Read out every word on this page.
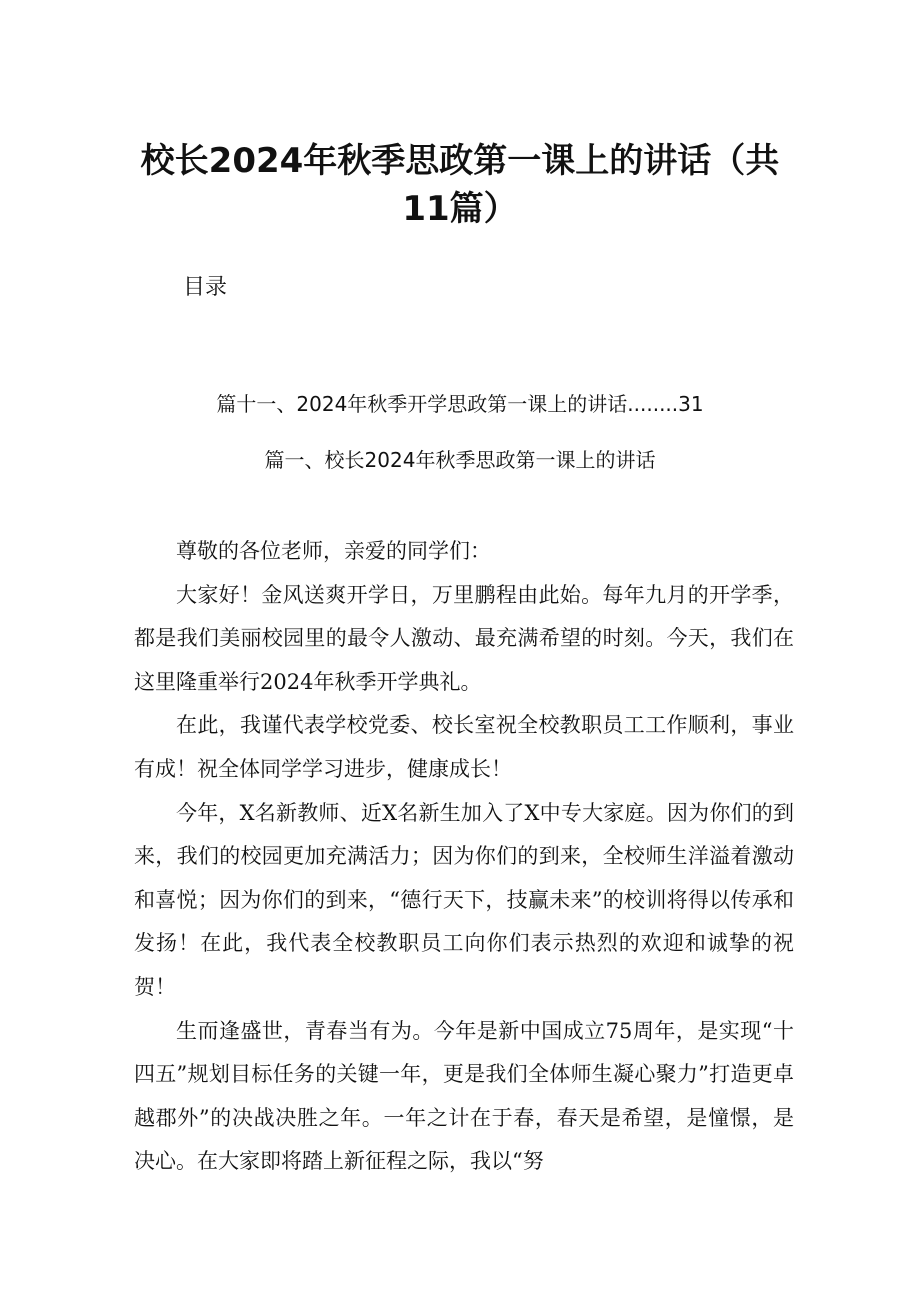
校长2024年秋季思政第一课上的讲话（共
11篇）
目录
篇十一、2024年秋季开学思政第一课上的讲话........31
篇一、校长2024年秋季思政第一课上的讲话

尊敬的各位老师，亲爱的同学们：

大家好！金风送爽开学日，万里鹏程由此始。每年九月的开学季，都是我们美丽校园里的最令人激动、最充满希望的时刻。今天，我们在这里隆重举行2024年秋季开学典礼。

在此，我谨代表学校党委、校长室祝全校教职员工工作顺利，事业有成！祝全体同学学习进步，健康成长！

今年，X名新教师、近X名新生加入了X中专大家庭。因为你们的到来，我们的校园更加充满活力；因为你们的到来，全校师生洋溢着激动和喜悦；因为你们的到来，“德行天下，技赢未来”的校训将得以传承和发扬！在此，我代表全校教职员工向你们表示热烈的欢迎和诚挚的祝贺！

生而逢盛世，青春当有为。今年是新中国成立75周年，是实现“十四五”规划目标任务的关键一年，更是我们全体师生凝心聚力”打造更卓越郡外”的决战决胜之年。一年之计在于春，春天是希望，是憧憬，是决心。在大家即将踏上新征程之际，我以“努
